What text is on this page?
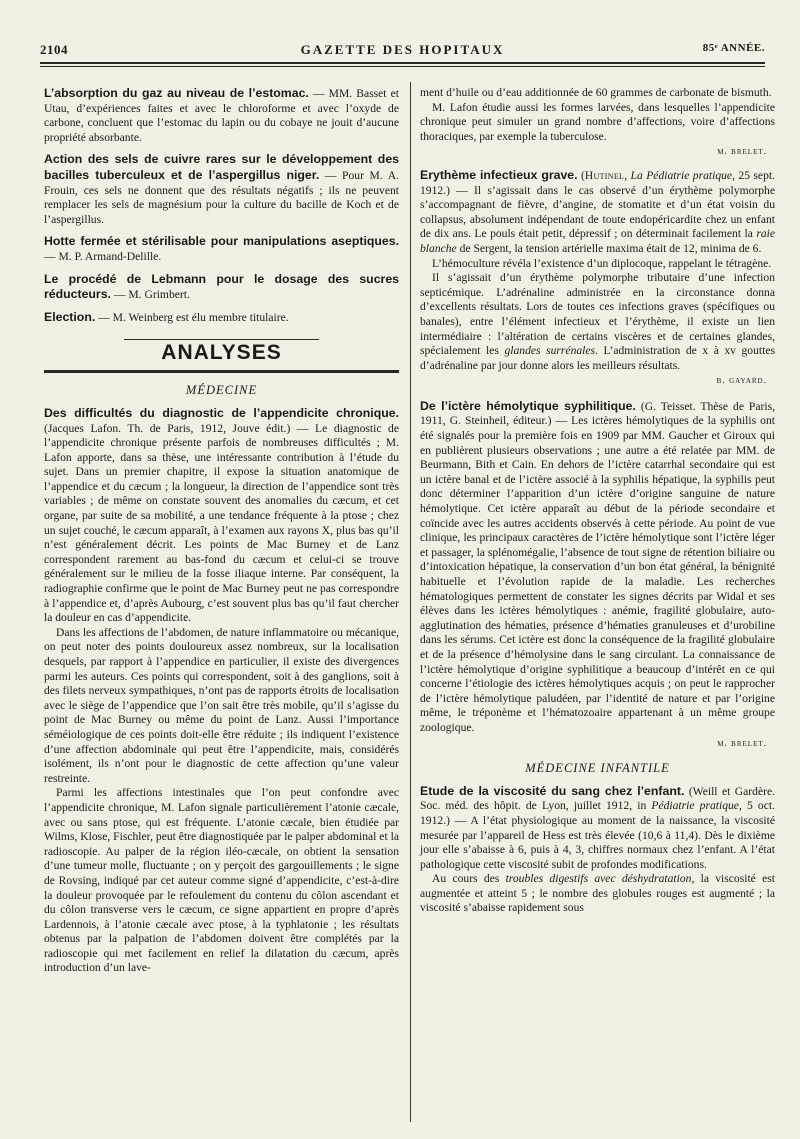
2104	GAZETTE DES HOPITAUX	85ᵉ ANNÉE.

L’absorption du gaz au niveau de l’estomac. — MM. Basset et Utau, d’expériences faites et avec le chloroforme et avec l’oxyde de carbone, concluent que l’estomac du lapin ou du cobaye ne jouit d’aucune propriété absorbante.

Action des sels de cuivre rares sur le développement des bacilles tuberculeux et de l’aspergillus niger. — Pour M. A. Frouin, ces sels ne donnent que des résultats négatifs ; ils ne peuvent remplacer les sels de magnésium pour la culture du bacille de Koch et de l’aspergillus.

Hotte fermée et stérilisable pour manipulations aseptiques. — M. P. Armand-Delille.

Le procédé de Lebmann pour le dosage des sucres réducteurs. — M. Grimbert.

Election. — M. Weinberg est élu membre titulaire.

ANALYSES
MÉDECINE

Des difficultés du diagnostic de l’appendicite chronique. (Jacques Lafon. Th. de Paris, 1912, Jouve édit.) — Le diagnostic de l’appendicite chronique présente parfois de nombreuses difficultés ; M. Lafon apporte, dans sa thèse, une intéressante contribution à l’étude du sujet. Dans un premier chapitre, il expose la situation anatomique de l’appendice et du cæcum ; la longueur, la direction de l’appendice sont très variables ; de même on constate souvent des anomalies du cæcum, et cet organe, par suite de sa mobilité, a une tendance fréquente à la ptose ; chez un sujet couché, le cæcum apparaît, à l’examen aux rayons X, plus bas qu’il n’est généralement décrit. Les points de Mac Burney et de Lanz correspondent rarement au bas-fond du cæcum et celui-ci se trouve généralement sur le milieu de la fosse iliaque interne. Par conséquent, la radiographie confirme que le point de Mac Burney peut ne pas correspondre à l’appendice et, d’après Aubourg, c’est souvent plus bas qu’il faut chercher la douleur en cas d’appendicite.

Dans les affections de l’abdomen, de nature inflammatoire ou mécanique, on peut noter des points douloureux assez nombreux, sur la localisation desquels, par rapport à l’appendice en particulier, il existe des divergences parmi les auteurs. Ces points qui correspondent, soit à des ganglions, soit à des filets nerveux sympathiques, n’ont pas de rapports étroits de localisation avec le siège de l’appendice que l’on sait être très mobile, qu’il s’agisse du point de Mac Burney ou même du point de Lanz. Aussi l’importance séméiologique de ces points doit-elle être réduite ; ils indiquent l’existence d’une affection abdominale qui peut être l’appendicite, mais, considérés isolément, ils n’ont pour le diagnostic de cette affection qu’une valeur restreinte.

Parmi les affections intestinales que l’on peut confondre avec l’appendicite chronique, M. Lafon signale particulièrement l’atonie cæcale, avec ou sans ptose, qui est fréquente. L’atonie cæcale, bien étudiée par Wilms, Klose, Fischler, peut être diagnostiquée par le palper abdominal et la radioscopie. Au palper de la région iléo-cæcale, on obtient la sensation d’une tumeur molle, fluctuante ; on y perçoit des gargouillements ; le signe de Rovsing, indiqué par cet auteur comme signé d’appendicite, c’est-à-dire la douleur provoquée par le refoulement du contenu du côlon ascendant et du côlon transverse vers le cæcum, ce signe appartient en propre d’après Lardennois, à l’atonie cæcale avec ptose, à la typhlatonie ; les résultats obtenus par la palpation de l’abdomen doivent être complétés par la radioscopie qui met facilement en relief la dilatation du cæcum, après introduction d’un lave-

ment d’huile ou d’eau additionnée de 60 grammes de carbonate de bismuth.

M. Lafon étudie aussi les formes larvées, dans lesquelles l’appendicite chronique peut simuler un grand nombre d’affections, voire d’affections thoraciques, par exemple la tuberculose.

m. brelet.

Erythème infectieux grave. (Hutinel, La Pédiatrie pratique, 25 sept. 1912.) — Il s’agissait dans le cas observé d’un érythème polymorphe s’accompagnant de fièvre, d’angine, de stomatite et d’un état voisin du collapsus, absolument indépendant de toute endopéricardite chez un enfant de dix ans. Le pouls était petit, dépressif ; on déterminait facilement la raie blanche de Sergent, la tension artérielle maxima était de 12, minima de 6.

L’hémoculture révéla l’existence d’un diplocoque, rappelant le tétragène.

Il s’agissait d’un érythème polymorphe tributaire d’une infection septicémique. L’adrénaline administrée en la circonstance donna d’excellents résultats. Lors de toutes ces infections graves (spécifiques ou banales), entre l’élément infectieux et l’érythème, il existe un lien intermédiaire : l’altération de certains viscères et de certaines glandes, spécialement les glandes surrénales. L’administration de x à xv gouttes d’adrénaline par jour donne alors les meilleurs résultats.

b. gayard.

De l’ictère hémolytique syphilitique. (G. Teisset. Thèse de Paris, 1911, G. Steinheil, éditeur.) — Les ictères hémolytiques de la syphilis ont été signalés pour la première fois en 1909 par MM. Gaucher et Giroux qui en publièrent plusieurs observations ; une autre a été relatée par MM. de Beurmann, Bith et Cain. En dehors de l’ictère catarrhal secondaire qui est un ictère banal et de l’ictère associé à la syphilis hépatique, la syphilis peut donc déterminer l’apparition d’un ictère d’origine sanguine de nature hémolytique. Cet ictère apparaît au début de la période secondaire et coïncide avec les autres accidents observés à cette période. Au point de vue clinique, les principaux caractères de l’ictère hémolytique sont l’ictère léger et passager, la splénomégalie, l’absence de tout signe de rétention biliaire ou d’intoxication hépatique, la conservation d’un bon état général, la bénignité habituelle et l’évolution rapide de la maladie. Les recherches hématologiques permettent de constater les signes décrits par Widal et ses élèves dans les ictères hémolytiques : anémie, fragilité globulaire, auto-agglutination des hématies, présence d’hématies granuleuses et d’urobiline dans les sérums. Cet ictère est donc la conséquence de la fragilité globulaire et de la présence d’hémolysine dans le sang circulant. La connaissance de l’ictère hémolytique d’origine syphilitique a beaucoup d’intérêt en ce qui concerne l’étiologie des ictères hémolytiques acquis ; on peut le rapprocher de l’ictère hémolytique paludéen, par l’identité de nature et par l’origine même, le tréponème et l’hématozoaire appartenant à un même groupe zoologique.

m. brelet.
MÉDECINE INFANTILE

Etude de la viscosité du sang chez l’enfant. (Weill et Gardère. Soc. méd. des hôpit. de Lyon, juillet 1912, in Pédiatrie pratique, 5 oct. 1912.) — A l’état physiologique au moment de la naissance, la viscosité mesurée par l’appareil de Hess est très élevée (10,6 à 11,4). Dès le dixième jour elle s’abaisse à 6, puis à 4, 3, chiffres normaux chez l’enfant. A l’état pathologique cette viscosité subit de profondes modifications.

Au cours des troubles digestifs avec déshydratation, la viscosité est augmentée et atteint 5 ; le nombre des globules rouges est augmenté ; la viscosité s’abaisse rapidement sous
